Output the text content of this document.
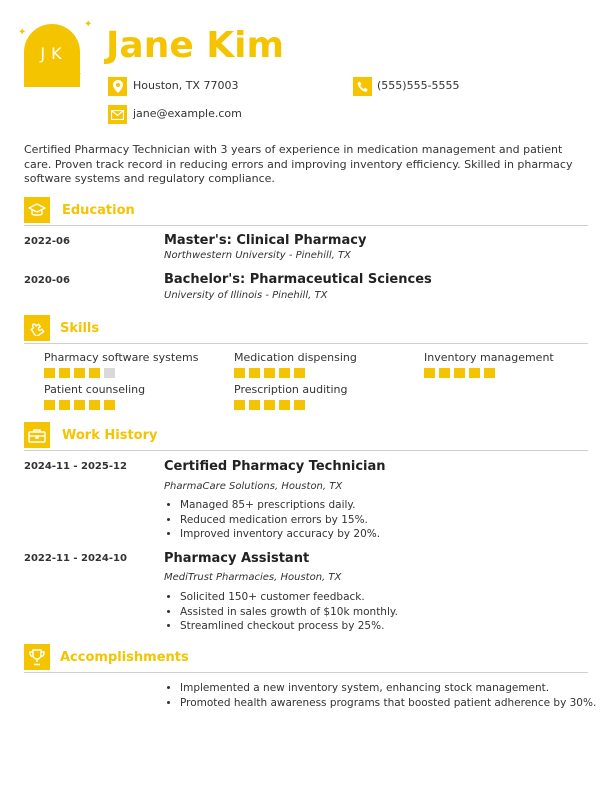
JK
✦
✦
✦
Jane Kim
Houston, TX 77003	(555)555-5555
jane@example.com
Certified Pharmacy Technician with 3 years of experience in medication management and patient care. Proven track record in reducing errors and improving inventory efficiency. Skilled in pharmacy software systems and regulatory compliance.
Education
2022-06	Master's: Clinical Pharmacy
Northwestern University - Pinehill, TX
2020-06	Bachelor's: Pharmaceutical Sciences
University of Illinois - Pinehill, TX
Skills
Pharmacy software systems	Medication dispensing	Inventory management
Patient counseling	Prescription auditing
Work History
2024-11 - 2025-12	Certified Pharmacy Technician
PharmaCare Solutions, Houston, TX
• Managed 85+ prescriptions daily.
• Reduced medication errors by 15%.
• Improved inventory accuracy by 20%.
2022-11 - 2024-10	Pharmacy Assistant
MediTrust Pharmacies, Houston, TX
• Solicited 150+ customer feedback.
• Assisted in sales growth of $10k monthly.
• Streamlined checkout process by 25%.
Accomplishments
• Implemented a new inventory system, enhancing stock management.
• Promoted health awareness programs that boosted patient adherence by 30%.
